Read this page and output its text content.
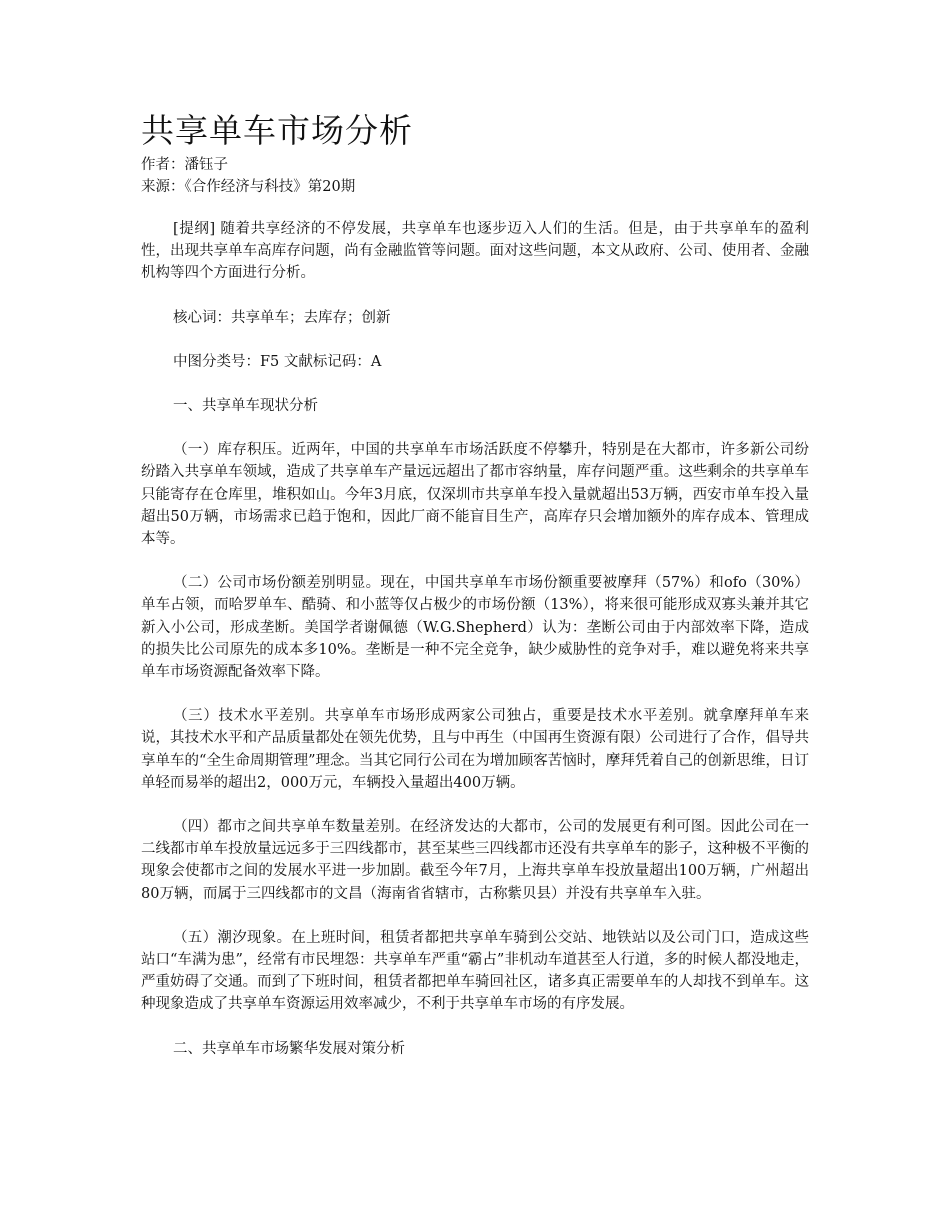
共享单车市场分析

作者：潘钰子

来源：《合作经济与科技》第20期

[提纲] 随着共享经济的不停发展，共享单车也逐步迈入人们的生活。但是，由于共享单车的盈利性，出现共享单车高库存问题，尚有金融监管等问题。面对这些问题，本文从政府、公司、使用者、金融机构等四个方面进行分析。

核心词：共享单车；去库存；创新

中图分类号：F5 文献标记码：A

一、共享单车现状分析

（一）库存积压。近两年，中国的共享单车市场活跃度不停攀升，特别是在大都市，许多新公司纷纷踏入共享单车领域，造成了共享单车产量远远超出了都市容纳量，库存问题严重。这些剩余的共享单车只能寄存在仓库里，堆积如山。今年3月底，仅深圳市共享单车投入量就超出53万辆，西安市单车投入量超出50万辆，市场需求已趋于饱和，因此厂商不能盲目生产，高库存只会增加额外的库存成本、管理成本等。

（二）公司市场份额差别明显。现在，中国共享单车市场份额重要被摩拜（57%）和ofo（30%）单车占领，而哈罗单车、酷骑、和小蓝等仅占极少的市场份额（13%），将来很可能形成双寡头兼并其它新入小公司，形成垄断。美国学者谢佩德（W.G.Shepherd）认为：垄断公司由于内部效率下降，造成的损失比公司原先的成本多10%。垄断是一种不完全竞争，缺少威胁性的竞争对手，难以避免将来共享单车市场资源配备效率下降。

（三）技术水平差别。共享单车市场形成两家公司独占，重要是技术水平差别。就拿摩拜单车来说，其技术水平和产品质量都处在领先优势，且与中再生（中国再生资源有限）公司进行了合作，倡导共享单车的“全生命周期管理”理念。当其它同行公司在为增加顾客苦恼时，摩拜凭着自己的创新思维，日订单轻而易举的超出2，000万元，车辆投入量超出400万辆。

（四）都市之间共享单车数量差别。在经济发达的大都市，公司的发展更有利可图。因此公司在一二线都市单车投放量远远多于三四线都市，甚至某些三四线都市还没有共享单车的影子，这种极不平衡的现象会使都市之间的发展水平进一步加剧。截至今年7月，上海共享单车投放量超出100万辆，广州超出80万辆，而属于三四线都市的文昌（海南省省辖市，古称紫贝县）并没有共享单车入驻。

（五）潮汐现象。在上班时间，租赁者都把共享单车骑到公交站、地铁站以及公司门口，造成这些站口“车满为患”，经常有市民埋怨：共享单车严重“霸占”非机动车道甚至人行道，多的时候人都没地走，严重妨碍了交通。而到了下班时间，租赁者都把单车骑回社区，诸多真正需要单车的人却找不到单车。这种现象造成了共享单车资源运用效率减少，不利于共享单车市场的有序发展。

二、共享单车市场繁华发展对策分析
